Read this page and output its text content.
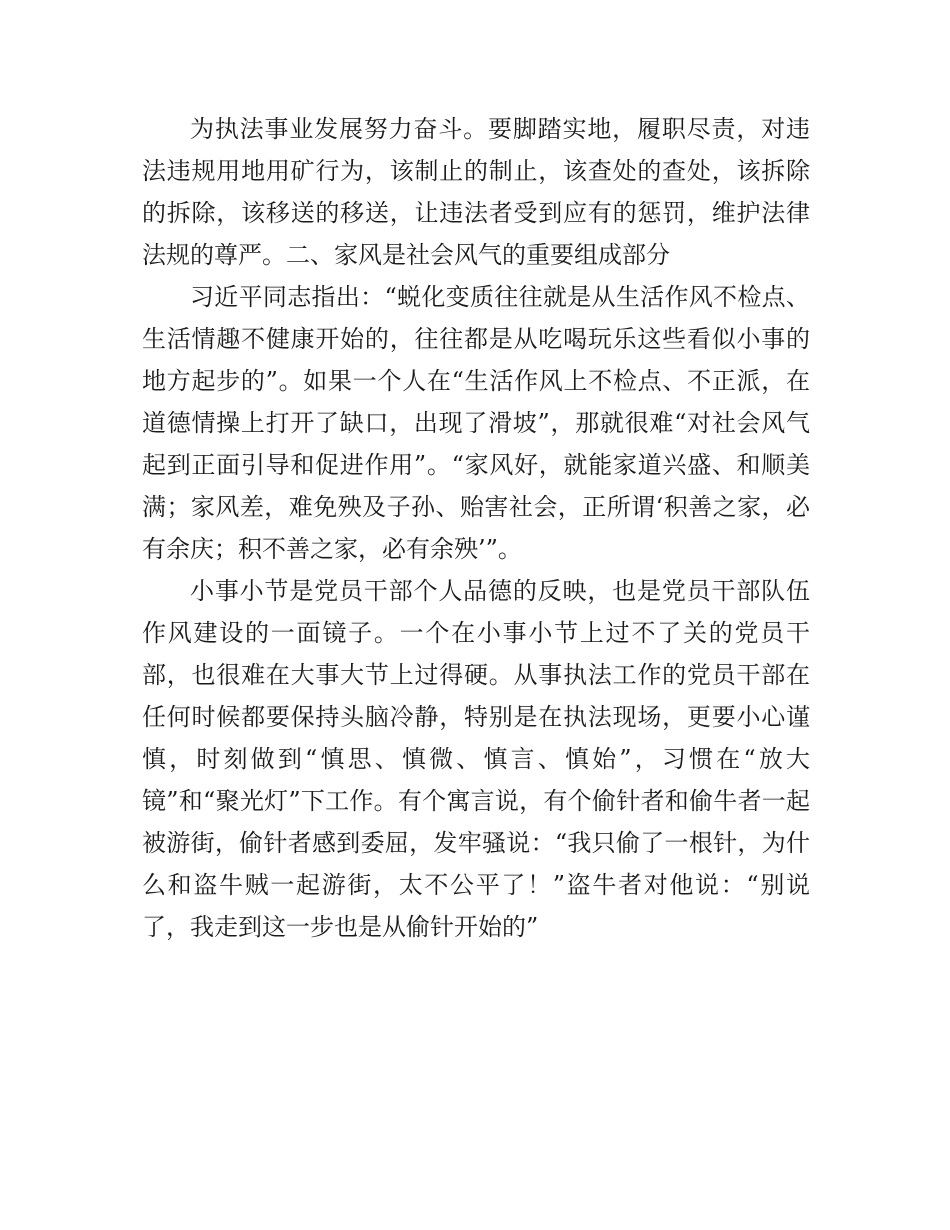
为执法事业发展努力奋斗。要脚踏实地，履职尽责，对违法违规用地用矿行为，该制止的制止，该查处的查处，该拆除的拆除，该移送的移送，让违法者受到应有的惩罚，维护法律法规的尊严。二、家风是社会风气的重要组成部分

习近平同志指出：“蜕化变质往往就是从生活作风不检点、生活情趣不健康开始的，往往都是从吃喝玩乐这些看似小事的地方起步的”。如果一个人在“生活作风上不检点、不正派，在道德情操上打开了缺口，出现了滑坡”，那就很难“对社会风气起到正面引导和促进作用”。“家风好，就能家道兴盛、和顺美满；家风差，难免殃及子孙、贻害社会，正所谓‘积善之家，必有余庆；积不善之家，必有余殃’”。

小事小节是党员干部个人品德的反映，也是党员干部队伍作风建设的一面镜子。一个在小事小节上过不了关的党员干部，也很难在大事大节上过得硬。从事执法工作的党员干部在任何时候都要保持头脑冷静，特别是在执法现场，更要小心谨慎，时刻做到“慎思、慎微、慎言、慎始”，习惯在“放大镜”和“聚光灯”下工作。有个寓言说，有个偷针者和偷牛者一起被游街，偷针者感到委屈，发牢骚说：“我只偷了一根针，为什么和盗牛贼一起游街，太不公平了！”盗牛者对他说：“别说了，我走到这一步也是从偷针开始的”
